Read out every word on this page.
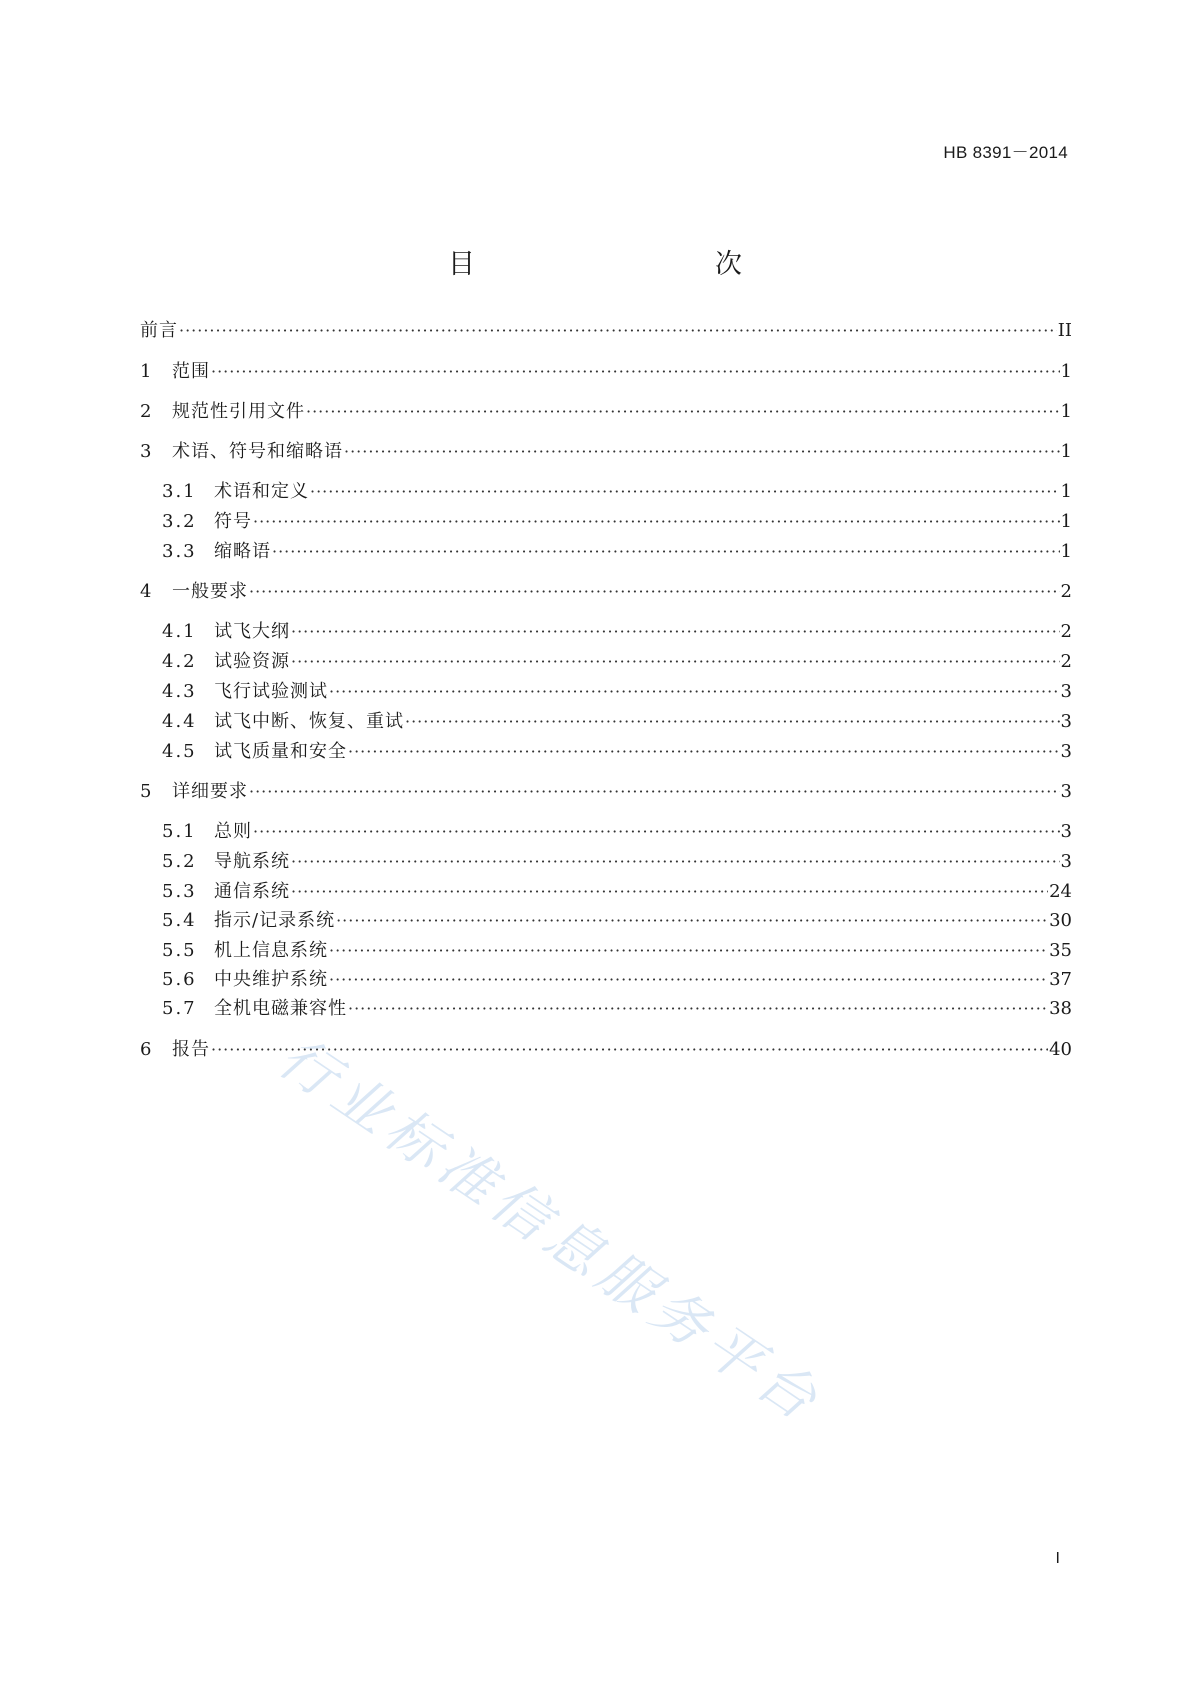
HB 8391－2014
目　　次
前言 ·····	II
1	范围 ·····	1
2	规范性引用文件 ·····	1
3	术语、符号和缩略语 ·····	1
3.1 术语和定义 ·····	1
3.2 符号 ·····	1
3.3 缩略语 ·····	1
4	一般要求 ·····	2
4.1 试飞大纲 ·····	2
4.2 试验资源 ·····	2
4.3 飞行试验测试 ·····	3
4.4 试飞中断、恢复、重试 ·····	3
4.5 试飞质量和安全 ·····	3
5	详细要求 ·····	3
5.1 总则 ·····	3
5.2 导航系统 ·····	3
5.3 通信系统 ·····	24
5.4 指示/记录系统 ·····	30
5.5 机上信息系统 ·····	35
5.6 中央维护系统 ·····	37
5.7 全机电磁兼容性 ·····	38
6	报告 ·····	40
行业标准信息服务平台
I
